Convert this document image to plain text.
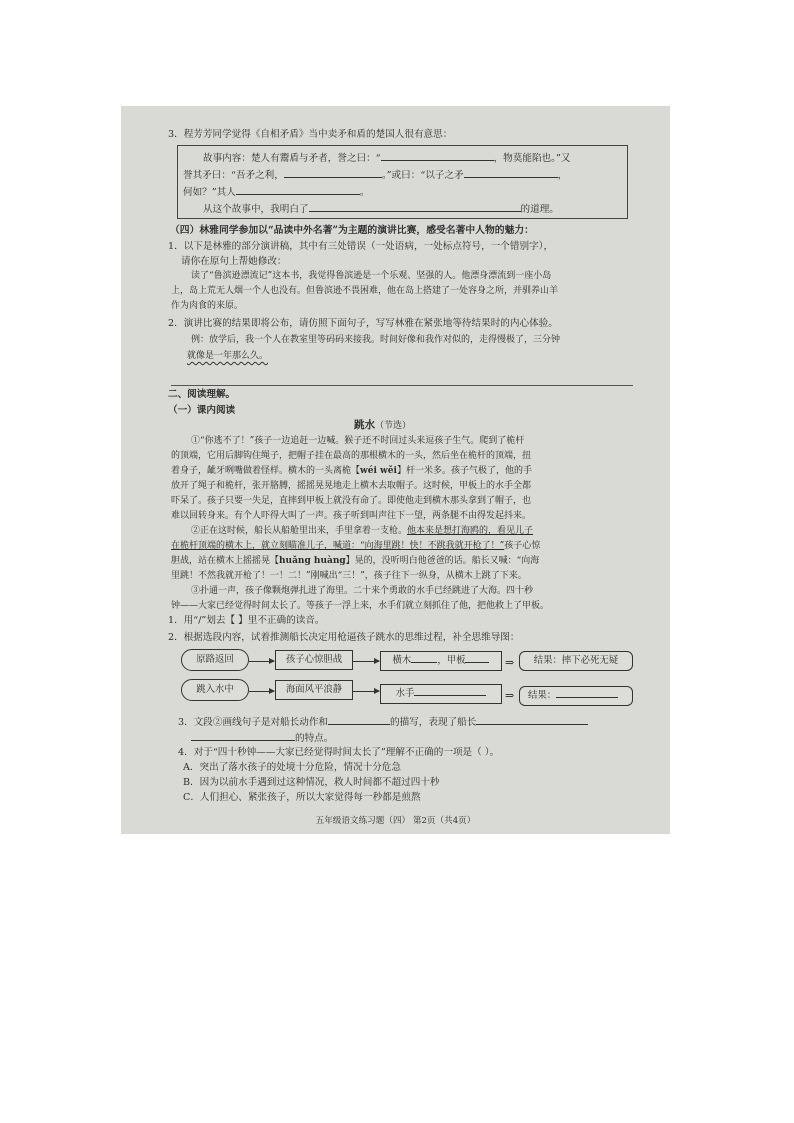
3．程芳芳同学觉得《自相矛盾》当中卖矛和盾的楚国人很有意思：
故事内容：楚人有鬻盾与矛者，誉之曰：“	，物莫能陷也。”又
誉其矛曰：“吾矛之利，	。”或曰：“以子之矛	，
何如？”其人	。
从这个故事中，我明白了	的道理。
（四）林雅同学参加以“品读中外名著”为主题的演讲比赛，感受名著中人物的魅力：
1．以下是林雅的部分演讲稿，其中有三处错误（一处语病，一处标点符号，一个错别字），
请你在原句上帮她修改：
读了“鲁滨逊漂流记”这本书，我觉得鲁滨逊是一个乐观、坚强的人。他漂身漂流到一座小岛
上，岛上荒无人烟一个人也没有。但鲁滨逊不畏困难，他在岛上搭建了一处容身之所，并驯养山羊
作为肉食的来原。
2．演讲比赛的结果即将公布，请仿照下面句子，写写林雅在紧张地等待结果时的内心体验。
例：放学后，我一个人在教室里等码码来接我。时间好像和我作对似的，走得慢极了，三分钟
就像是一年那么久。
二、阅读理解。
（一）课内阅读
跳水（节选）
①“你逃不了！”孩子一边追赶一边喊。猴子还不时回过头来逗孩子生气。爬到了桅杆
的顶端，它用后脚钩住绳子，把帽子挂在最高的那根横木的一头，然后坐在桅杆的顶端，扭
着身子，龇牙咧嘴做着怪样。横木的一头离桅【wéi wěi】杆一米多。孩子气极了，他的手
放开了绳子和桅杆，张开胳膊，摇摇晃晃地走上横木去取帽子。这时候，甲板上的水手全都
吓呆了。孩子只要一失足，直摔到甲板上就没有命了。即使他走到横木那头拿到了帽子，也
难以回转身来。有个人吓得大叫了一声。孩子听到叫声往下一望，两条腿不由得发起抖来。
②正在这时候，船长从船舱里出来，手里拿着一支枪。他本来是想打海鸥的，看见儿子
在桅杆顶端的横木上，就立刻瞄准儿子，喊道：“向海里跳！快！不跳我就开枪了！”孩子心惊
胆战，站在横木上摇摇晃【huǎng huàng】晃的，没听明白他爸爸的话。船长又喊：“向海
里跳！不然我就开枪了！一！二！”刚喊出“三！”，孩子往下一纵身，从横木上跳了下来。
③扑通一声，孩子像颗炮弹扎进了海里。二十来个勇敢的水手已经跳进了大海。四十秒
钟——大家已经觉得时间太长了。等孩子一浮上来，水手们就立刻抓住了他，把他救上了甲板。
1．用“/”划去【 】里不正确的读音。
2．根据选段内容，试着推测船长决定用枪逼孩子跳水的思维过程，补全思维导图：
原路返回	孩子心惊胆战	横木	，甲板	⇒	结果：摔下必死无疑
跳入水中	海面风平浪静	水手	⇒	结果：
3．文段②画线句子是对船长动作和	的描写，表现了船长
的特点。
4．对于“四十秒钟——大家已经觉得时间太长了”理解不正确的一项是（ ）。
A．突出了落水孩子的处境十分危险，情况十分危急
B．因为以前水手遇到过这种情况，救人时间都不超过四十秒
C．人们担心、紧张孩子，所以大家觉得每一秒都是煎熬
五年级语文练习题（四） 第2页（共4页）
